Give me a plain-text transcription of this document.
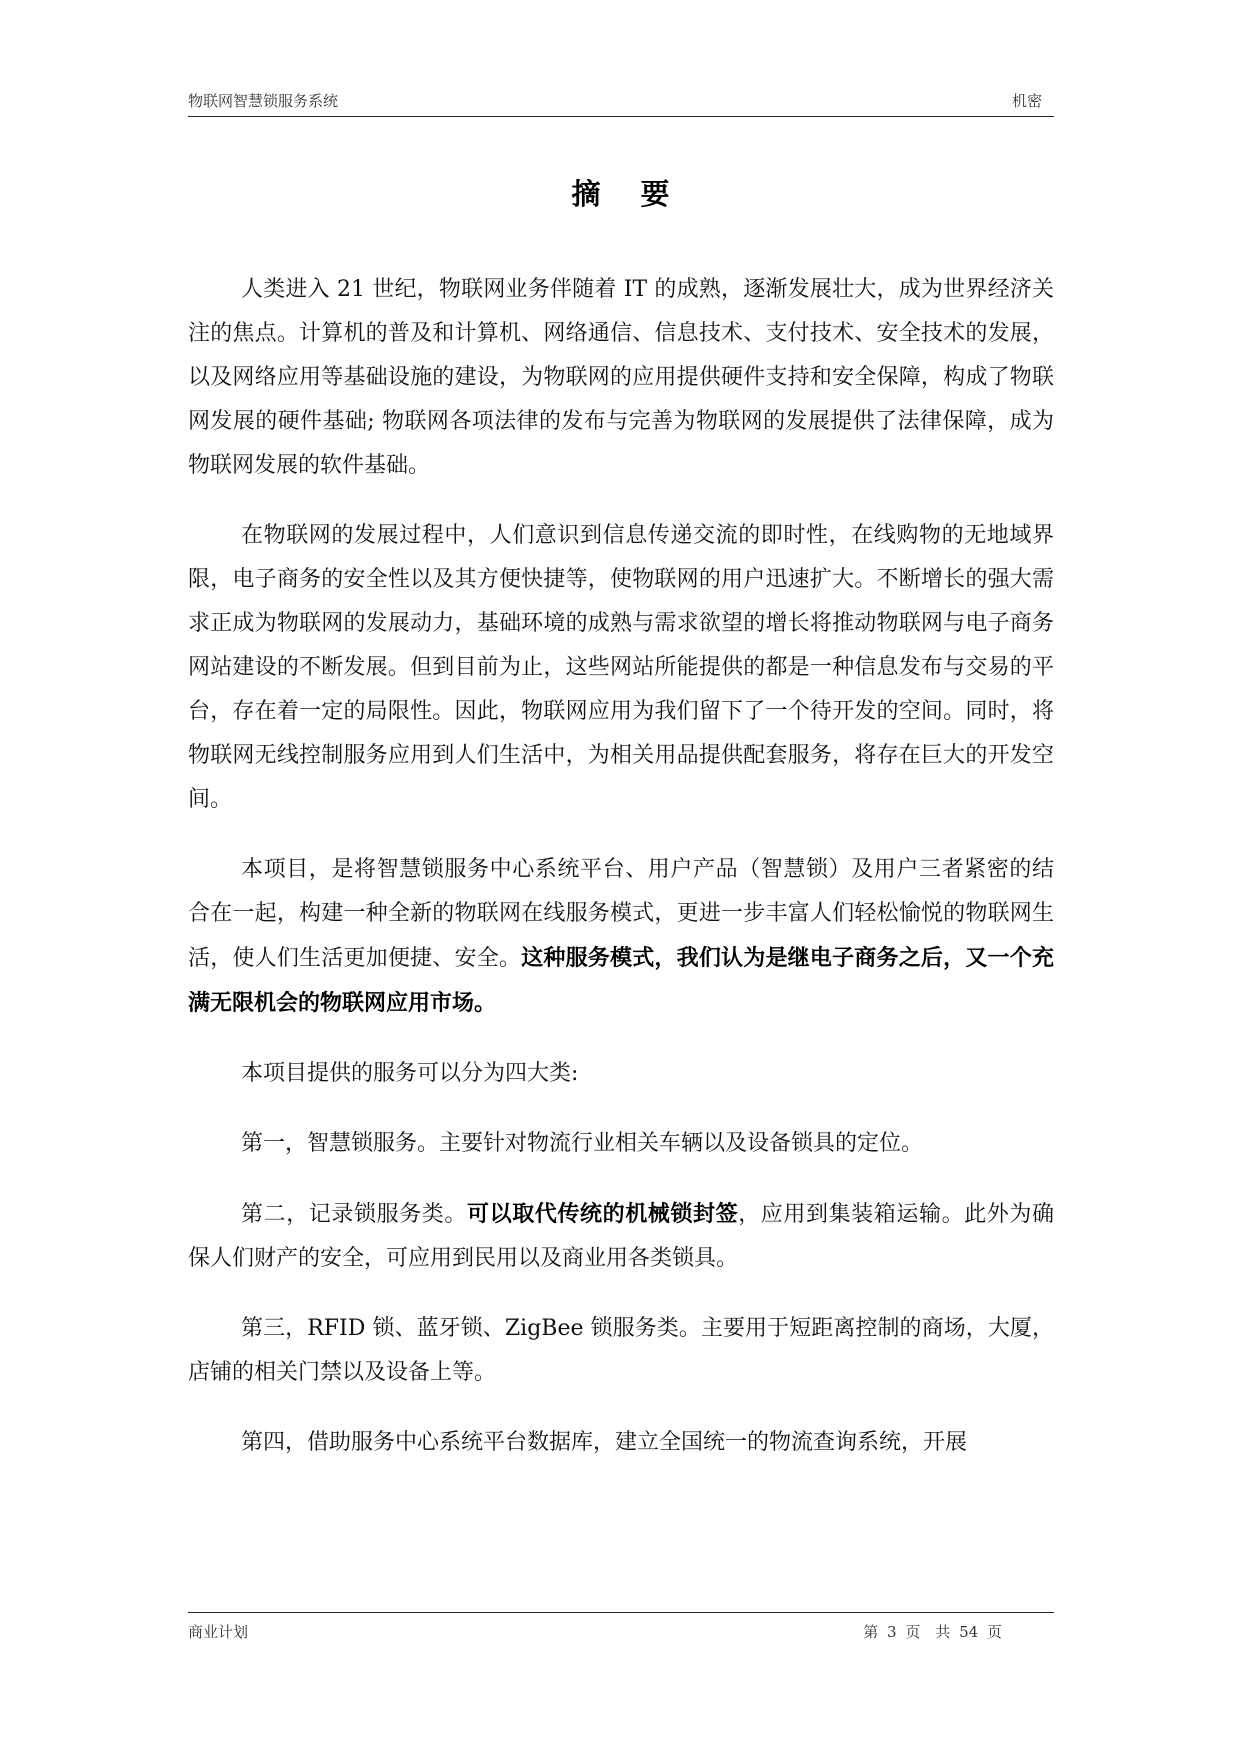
物联网智慧锁服务系统	机密
摘要

人类进入 21 世纪，物联网业务伴随着 IT 的成熟，逐渐发展壮大，成为世界经济关注的焦点。计算机的普及和计算机、网络通信、信息技术、支付技术、安全技术的发展，以及网络应用等基础设施的建设，为物联网的应用提供硬件支持和安全保障，构成了物联网发展的硬件基础; 物联网各项法律的发布与完善为物联网的发展提供了法律保障，成为物联网发展的软件基础。

在物联网的发展过程中，人们意识到信息传递交流的即时性，在线购物的无地域界限，电子商务的安全性以及其方便快捷等，使物联网的用户迅速扩大。不断增长的强大需求正成为物联网的发展动力，基础环境的成熟与需求欲望的增长将推动物联网与电子商务网站建设的不断发展。但到目前为止，这些网站所能提供的都是一种信息发布与交易的平台，存在着一定的局限性。因此，物联网应用为我们留下了一个待开发的空间。同时，将物联网无线控制服务应用到人们生活中，为相关用品提供配套服务，将存在巨大的开发空间。

本项目，是将智慧锁服务中心系统平台、用户产品（智慧锁）及用户三者紧密的结合在一起，构建一种全新的物联网在线服务模式，更进一步丰富人们轻松愉悦的物联网生活，使人们生活更加便捷、安全。这种服务模式，我们认为是继电子商务之后，又一个充满无限机会的物联网应用市场。

本项目提供的服务可以分为四大类:

第一，智慧锁服务。主要针对物流行业相关车辆以及设备锁具的定位。

第二，记录锁服务类。可以取代传统的机械锁封签，应用到集装箱运输。此外为确保人们财产的安全，可应用到民用以及商业用各类锁具。

第三，RFID 锁、蓝牙锁、ZigBee 锁服务类。主要用于短距离控制的商场，大厦，店铺的相关门禁以及设备上等。

第四，借助服务中心系统平台数据库，建立全国统一的物流查询系统，开展

商业计划	第 3 页　共 54 页
